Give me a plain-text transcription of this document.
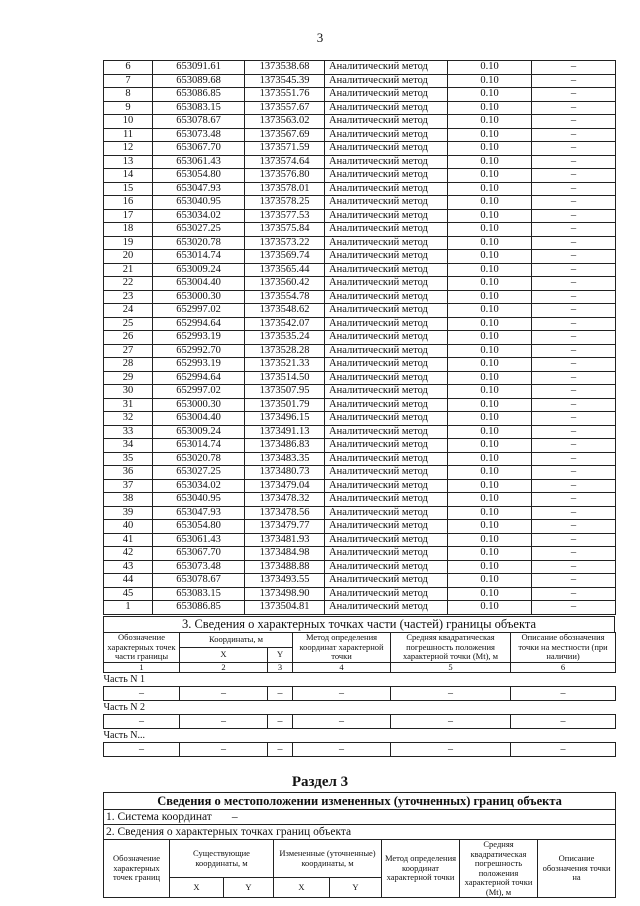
3
6	653091.61	1373538.68	Аналитический метод	0.10	–
7	653089.68	1373545.39	Аналитический метод	0.10	–
8	653086.85	1373551.76	Аналитический метод	0.10	–
9	653083.15	1373557.67	Аналитический метод	0.10	–
10	653078.67	1373563.02	Аналитический метод	0.10	–
11	653073.48	1373567.69	Аналитический метод	0.10	–
12	653067.70	1373571.59	Аналитический метод	0.10	–
13	653061.43	1373574.64	Аналитический метод	0.10	–
14	653054.80	1373576.80	Аналитический метод	0.10	–
15	653047.93	1373578.01	Аналитический метод	0.10	–
16	653040.95	1373578.25	Аналитический метод	0.10	–
17	653034.02	1373577.53	Аналитический метод	0.10	–
18	653027.25	1373575.84	Аналитический метод	0.10	–
19	653020.78	1373573.22	Аналитический метод	0.10	–
20	653014.74	1373569.74	Аналитический метод	0.10	–
21	653009.24	1373565.44	Аналитический метод	0.10	–
22	653004.40	1373560.42	Аналитический метод	0.10	–
23	653000.30	1373554.78	Аналитический метод	0.10	–
24	652997.02	1373548.62	Аналитический метод	0.10	–
25	652994.64	1373542.07	Аналитический метод	0.10	–
26	652993.19	1373535.24	Аналитический метод	0.10	–
27	652992.70	1373528.28	Аналитический метод	0.10	–
28	652993.19	1373521.33	Аналитический метод	0.10	–
29	652994.64	1373514.50	Аналитический метод	0.10	–
30	652997.02	1373507.95	Аналитический метод	0.10	–
31	653000.30	1373501.79	Аналитический метод	0.10	–
32	653004.40	1373496.15	Аналитический метод	0.10	–
33	653009.24	1373491.13	Аналитический метод	0.10	–
34	653014.74	1373486.83	Аналитический метод	0.10	–
35	653020.78	1373483.35	Аналитический метод	0.10	–
36	653027.25	1373480.73	Аналитический метод	0.10	–
37	653034.02	1373479.04	Аналитический метод	0.10	–
38	653040.95	1373478.32	Аналитический метод	0.10	–
39	653047.93	1373478.56	Аналитический метод	0.10	–
40	653054.80	1373479.77	Аналитический метод	0.10	–
41	653061.43	1373481.93	Аналитический метод	0.10	–
42	653067.70	1373484.98	Аналитический метод	0.10	–
43	653073.48	1373488.88	Аналитический метод	0.10	–
44	653078.67	1373493.55	Аналитический метод	0.10	–
45	653083.15	1373498.90	Аналитический метод	0.10	–
1	653086.85	1373504.81	Аналитический метод	0.10	–
3. Сведения о характерных точках части (частей) границы объекта
Обозначение характерных точек части границы	Координаты, м		Метод определения координат характерной точки	Средняя квадратическая погрешность положения характерной точки (Mt), м	Описание обозначения точки на местности (при наличии)
	X	Y			
1	2	3	4	5	6
Часть N 1					
–	–	–	–	–	–
Часть N 2					
–	–	–	–	–	–
Часть N...					
–	–	–	–	–	–
Раздел 3
Сведения о местоположении измененных (уточненных) границ объекта							
1. Система координат –							
2. Сведения о характерных точках границ объекта							
Обозначение характерных точек границ	Существующие координаты, м		Измененные (уточненные) координаты, м		Метод определения координат характерной точки	Средняя квадратическая погрешность положения характерной точки (Mt), м	Описание обозначения точки на
	X	Y	X	Y			
